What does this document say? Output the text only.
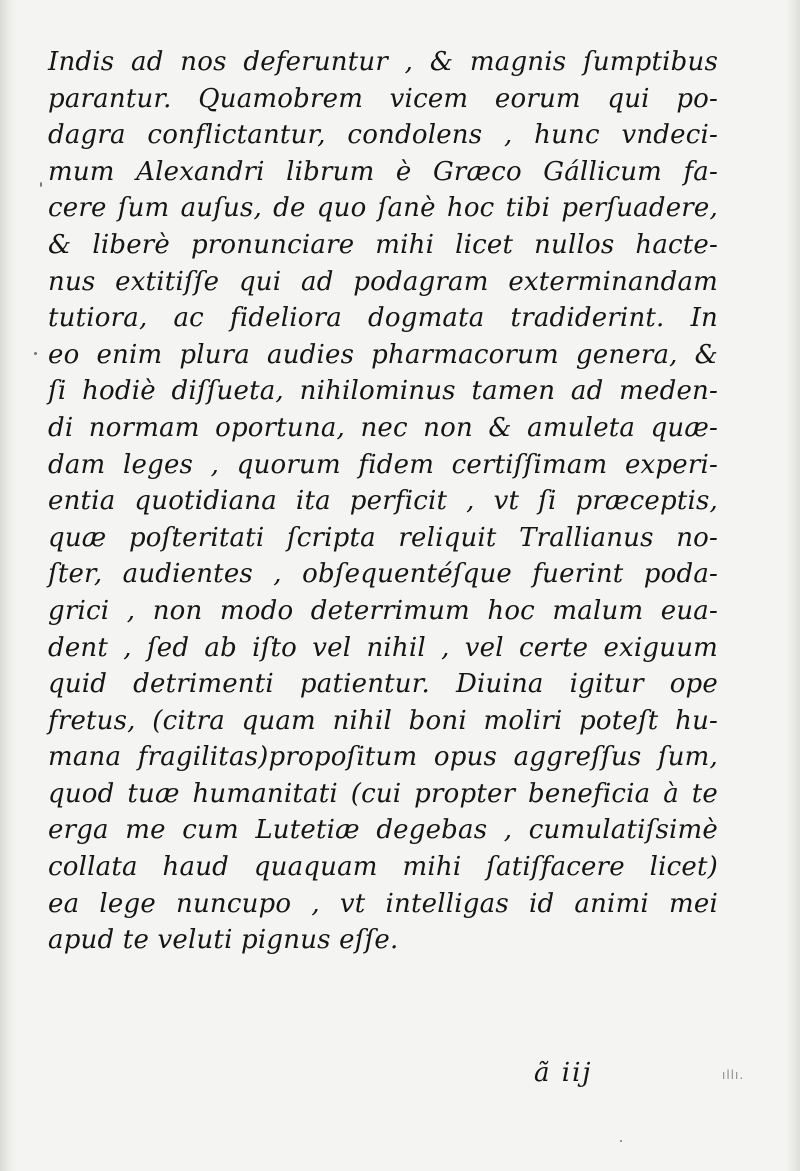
Indis ad nos deferuntur , & magnis ſumptibus
parantur. Quamobrem vicem eorum qui po-
dagra conflictantur, condolens , hunc vndeci-
mum Alexandri librum è Græco Gállicum fa-
cere ſum auſus, de quo ſanè hoc tibi perſuadere,
& liberè pronunciare mihi licet nullos hacte-
nus extitiſſe qui ad podagram exterminandam
tutiora, ac fideliora dogmata tradiderint. In
eo enim plura audies pharmacorum genera, &
ſi hodiè diſſueta, nihilominus tamen ad meden-
di normam oportuna, nec non & amuleta quæ-
dam leges , quorum fidem certiſſimam experi-
entia quotidiana ita perficit , vt ſi præceptis,
quæ poſteritati ſcripta reliquit Trallianus no-
ſter, audientes , obſequentéſque fuerint poda-
grici , non modo deterrimum hoc malum eua-
dent , ſed ab iſto vel nihil , vel certe exiguum
quid detrimenti patientur. Diuina igitur ope
fretus, (citra quam nihil boni moliri poteſt hu-
mana fragilitas)propoſitum opus aggreſſus ſum,
quod tuæ humanitati (cui propter beneficia à te
erga me cum Lutetiæ degebas , cumulatiſsimè
collata haud quaquam mihi ſatiſfacere licet)
ea lege nuncupo , vt intelligas id animi mei
apud te veluti pignus eſſe.
ã iij	ıllı.
